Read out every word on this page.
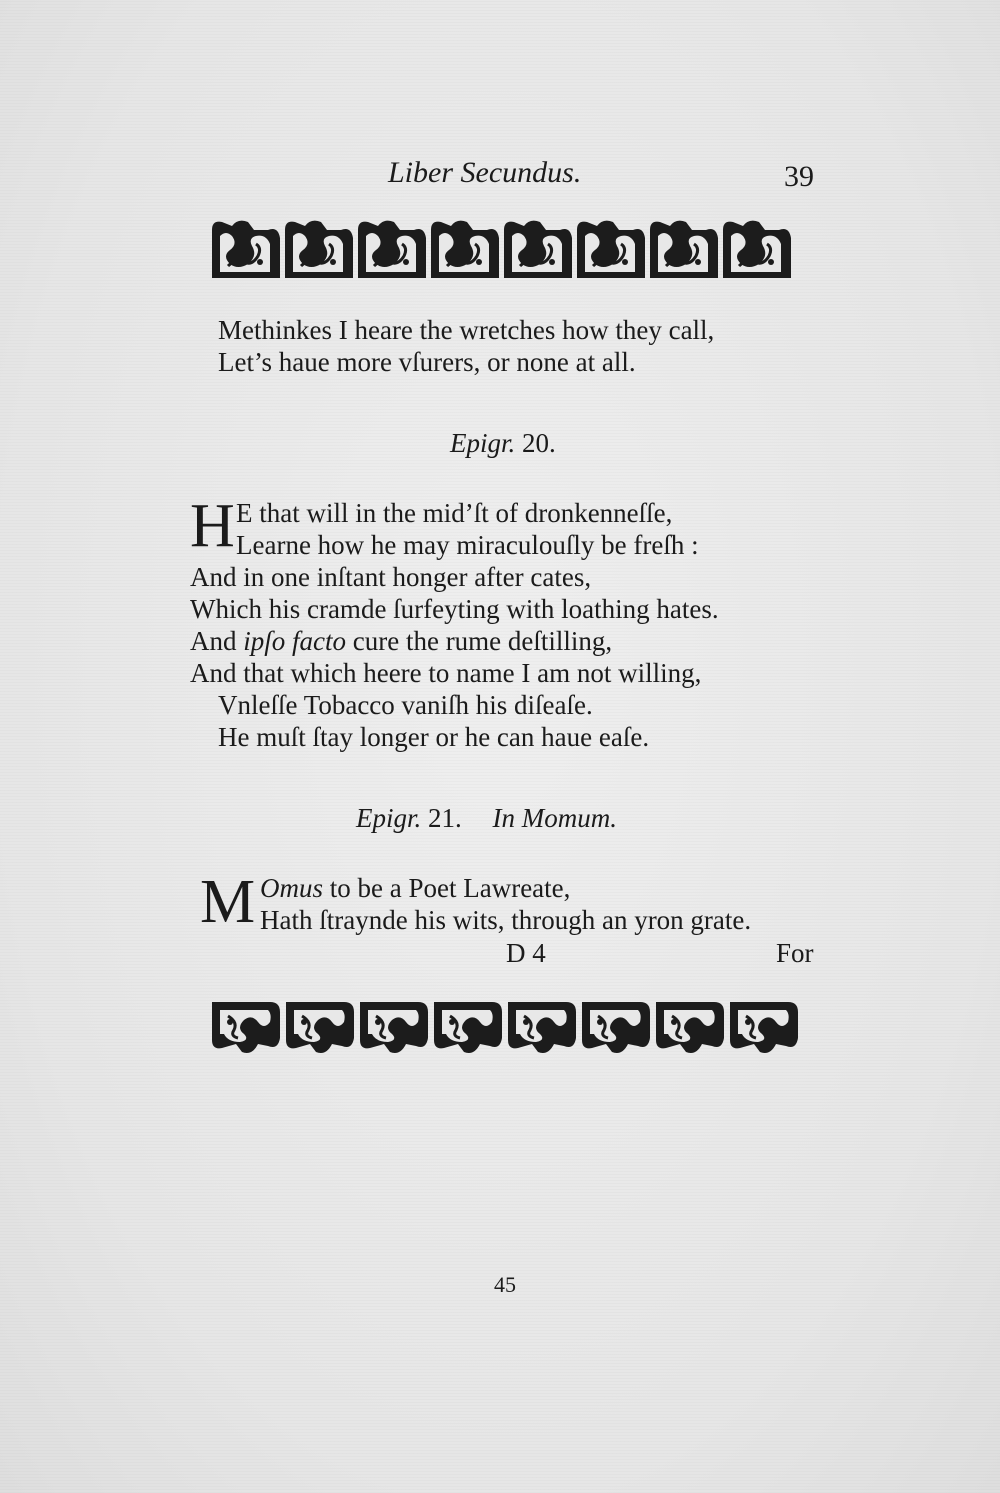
Liber Secundus.	39
Methinkes I heare the wretches how they call,
Let’s haue more vſurers, or none at all.
Epigr. 20.
H E that will in the mid’ſt of dronkenneſſe,
Learne how he may miraculouſly be freſh :
And in one inſtant honger after cates,
Which his cramde ſurfeyting with loathing hates.
And ipſo facto cure the rume deſtilling,
And that which heere to name I am not willing,
Vnleſſe Tobacco vaniſh his diſeaſe.
He muſt ſtay longer or he can haue eaſe.
Epigr. 21. In Momum.
M Omus to be a Poet Lawreate,
Hath ſtraynde his wits, through an yron grate.
D 4	For
45
